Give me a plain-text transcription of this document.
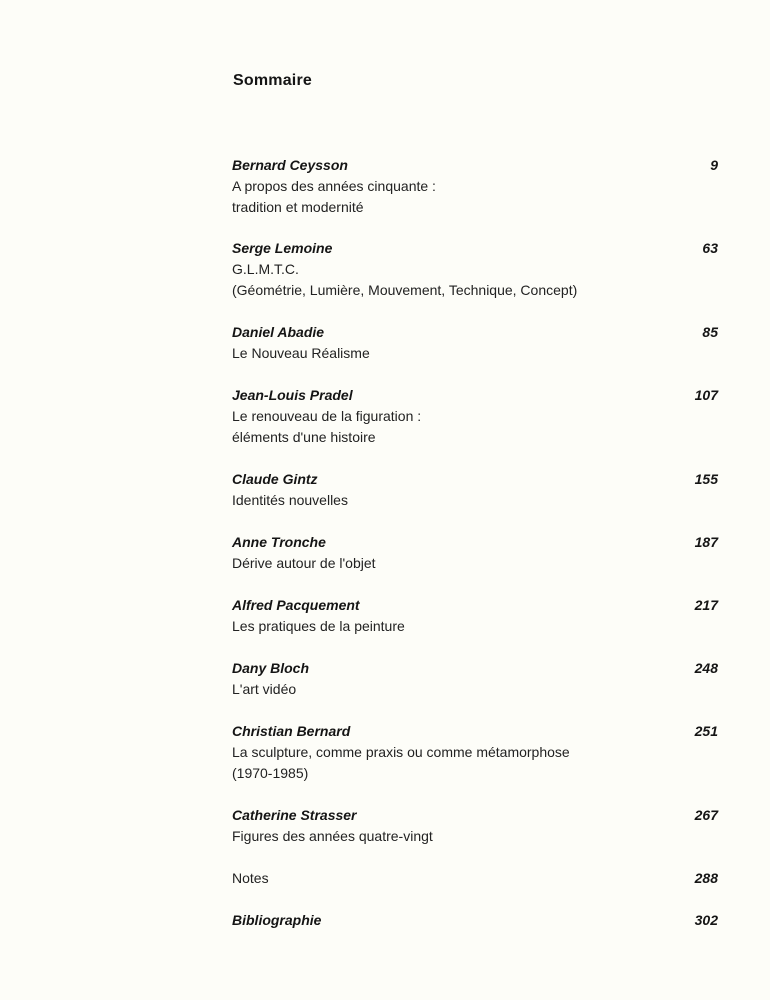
Sommaire
Bernard Ceysson	9
A propos des années cinquante :
tradition et modernité
Serge Lemoine	63
G.L.M.T.C.
(Géométrie, Lumière, Mouvement, Technique, Concept)
Daniel Abadie	85
Le Nouveau Réalisme
Jean-Louis Pradel	107
Le renouveau de la figuration :
éléments d'une histoire
Claude Gintz	155
Identités nouvelles
Anne Tronche	187
Dérive autour de l'objet
Alfred Pacquement	217
Les pratiques de la peinture
Dany Bloch	248
L'art vidéo
Christian Bernard	251
La sculpture, comme praxis ou comme métamorphose
(1970-1985)
Catherine Strasser	267
Figures des années quatre-vingt
Notes	288
Bibliographie	302
